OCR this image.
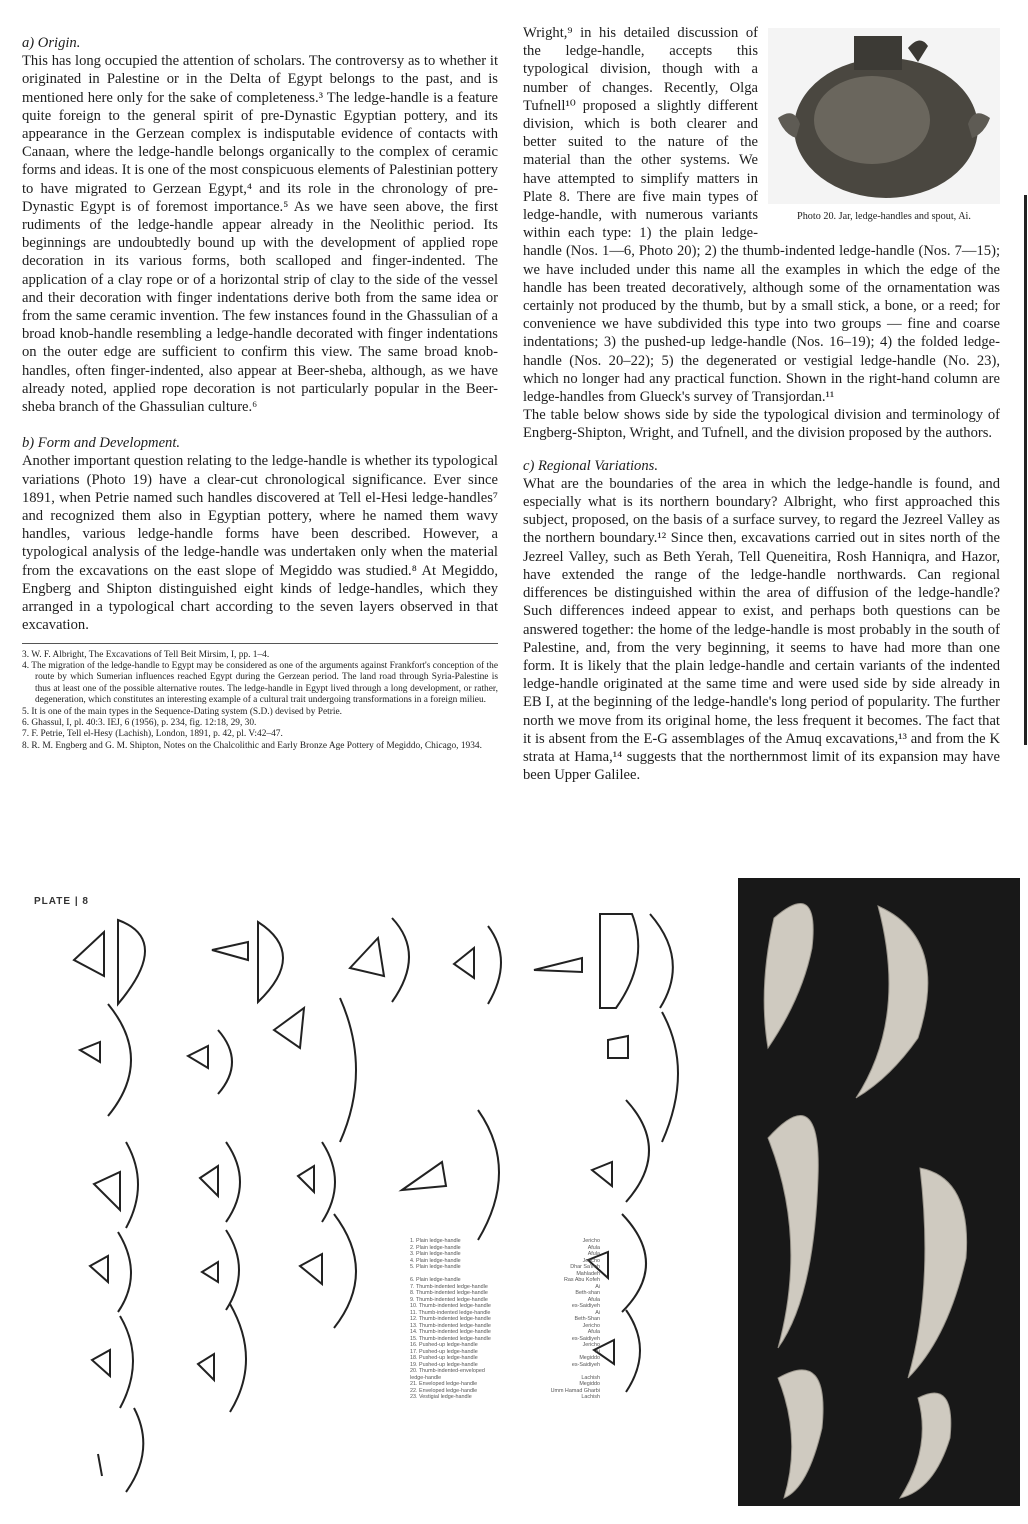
a) Origin.

This has long occupied the attention of scholars. The controversy as to whether it originated in Palestine or in the Delta of Egypt belongs to the past, and is mentioned here only for the sake of completeness.³ The ledge-handle is a feature quite foreign to the general spirit of pre-Dynastic Egyptian pottery, and its appearance in the Gerzean complex is indisputable evidence of contacts with Canaan, where the ledge-handle belongs organically to the complex of ceramic forms and ideas. It is one of the most conspicuous elements of Palestinian pottery to have migrated to Gerzean Egypt,⁴ and its role in the chronology of pre-Dynastic Egypt is of foremost importance.⁵ As we have seen above, the first rudiments of the ledge-handle appear already in the Neolithic period. Its beginnings are undoubtedly bound up with the development of applied rope decoration in its various forms, both scalloped and finger-indented. The application of a clay rope or of a horizontal strip of clay to the side of the vessel and their decoration with finger indentations derive both from the same idea or from the same ceramic invention. The few instances found in the Ghassulian of a broad knob-handle resembling a ledge-handle decorated with finger indentations on the outer edge are sufficient to confirm this view. The same broad knob-handles, often finger-indented, also appear at Beer-sheba, although, as we have already noted, applied rope decoration is not particularly popular in the Beer-sheba branch of the Ghassulian culture.⁶

b) Form and Development.

Another important question relating to the ledge-handle is whether its typological variations (Photo 19) have a clear-cut chronological significance. Ever since 1891, when Petrie named such handles discovered at Tell el-Hesi ledge-handles⁷ and recognized them also in Egyptian pottery, where he named them wavy handles, various ledge-handle forms have been described. However, a typological analysis of the ledge-handle was undertaken only when the material from the excavations on the east slope of Megiddo was studied.⁸ At Megiddo, Engberg and Shipton distinguished eight kinds of ledge-handles, which they arranged in a typological chart according to the seven layers observed in that excavation.

3. W. F. Albright, The Excavations of Tell Beit Mirsim, I, pp. 1–4.
4. The migration of the ledge-handle to Egypt may be considered as one of the arguments against Frankfort's conception of the route by which Sumerian influences reached Egypt during the Gerzean period. The land road through Syria-Palestine is thus at least one of the possible alternative routes. The ledge-handle in Egypt lived through a long development, or rather, degeneration, which constitutes an interesting example of a cultural trait undergoing transformations in a foreign milieu.
5. It is one of the main types in the Sequence-Dating system (S.D.) devised by Petrie.
6. Ghassul, I, pl. 40:3. IEJ, 6 (1956), p. 234, fig. 12:18, 29, 30.
7. F. Petrie, Tell el-Hesy (Lachish), London, 1891, p. 42, pl. V:42–47.
8. R. M. Engberg and G. M. Shipton, Notes on the Chalcolithic and Early Bronze Age Pottery of Megiddo, Chicago, 1934.
Photo 20. Jar, ledge-handles and spout, Ai.

Wright,⁹ in his detailed discussion of the ledge-handle, accepts this typological division, though with a number of changes. Recently, Olga Tufnell¹⁰ proposed a slightly different division, which is both clearer and better suited to the nature of the material than the other systems. We have attempted to simplify matters in Plate 8. There are five main types of ledge-handle, with numerous variants within each type: 1) the plain ledge-handle (Nos. 1—6, Photo 20); 2) the thumb-indented ledge-handle (Nos. 7—15); we have included under this name all the examples in which the edge of the handle has been treated decoratively, although some of the ornamentation was certainly not produced by the thumb, but by a small stick, a bone, or a reed; for convenience we have subdivided this type into two groups — fine and coarse indentations; 3) the pushed-up ledge-handle (Nos. 16–19); 4) the folded ledge-handle (Nos. 20–22); 5) the degenerated or vestigial ledge-handle (No. 23), which no longer had any practical function. Shown in the right-hand column are ledge-handles from Glueck's survey of Transjordan.¹¹

The table below shows side by side the typological division and terminology of Engberg-Shipton, Wright, and Tufnell, and the division proposed by the authors.

c) Regional Variations.

What are the boundaries of the area in which the ledge-handle is found, and especially what is its northern boundary? Albright, who first approached this subject, proposed, on the basis of a surface survey, to regard the Jezreel Valley as the northern boundary.¹² Since then, excavations carried out in sites north of the Jezreel Valley, such as Beth Yerah, Tell Queneitira, Rosh Hanniqra, and Hazor, have extended the range of the ledge-handle northwards. Can regional differences be distinguished within the area of diffusion of the ledge-handle? Such differences indeed appear to exist, and perhaps both questions can be answered together: the home of the ledge-handle is most probably in the south of Palestine, and, from the very beginning, it seems to have had more than one form. It is likely that the plain ledge-handle and certain variants of the indented ledge-handle originated at the same time and were used side by side already in EB I, at the beginning of the ledge-handle's long period of popularity. The further north we move from its original home, the less frequent it becomes. The fact that it is absent from the E-G assemblages of the Amuq excavations,¹³ and from the K strata at Hama,¹⁴ suggests that the northernmost limit of its expansion may have been Upper Galilee.

PLATE | 8
1. Plain ledge-handle	Jericho
2. Plain ledge-handle	Afula
3. Plain ledge-handle	Afula
4. Plain ledge-handle	Jericho
5. Plain ledge-handle	Dhar Sa'ireh
Mahladeh
6. Plain ledge-handle	Ras Abu Kofeh
7. Thumb-indented ledge-handle	Ai
8. Thumb-indented ledge-handle	Beth-shan
9. Thumb-indented ledge-handle	Afula
10. Thumb-indented ledge-handle	es-Saidiyeh
11. Thumb-indented ledge-handle	Ai
12. Thumb-indented ledge-handle	Beth-Shan
13. Thumb-indented ledge-handle	Jericho
14. Thumb-indented ledge-handle	Afula
15. Thumb-indented ledge-handle	es-Saidiyeh
16. Pushed-up ledge-handle	Jericho
17. Pushed-up ledge-handle	Ai
18. Pushed-up ledge-handle	Megiddo
19. Pushed-up ledge-handle	es-Saidiyeh
20. Thumb-indented-enveloped
ledge-handle	Lachish
21. Enveloped ledge-handle	Megiddo
22. Enveloped ledge-handle	Umm Hamad Gharbi
23. Vestigial ledge-handle	Lachish
